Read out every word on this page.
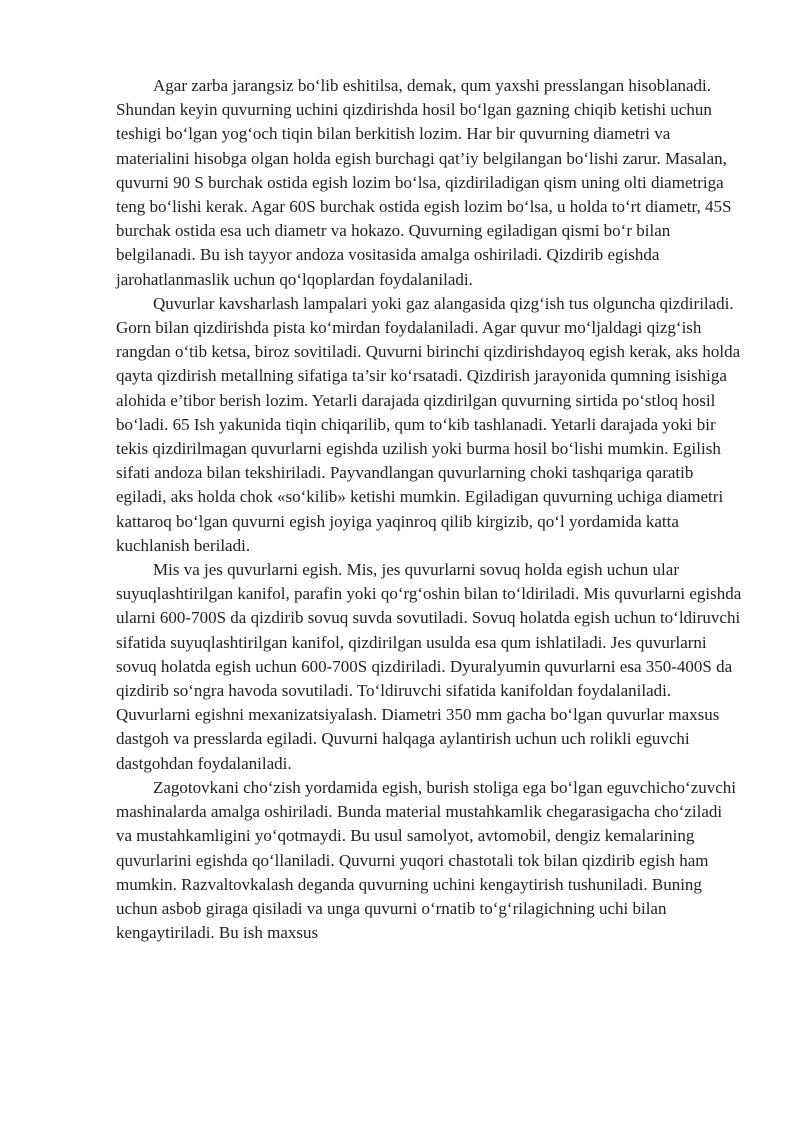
Agar zarba jarangsiz bo‘lib eshitilsa, demak, qum yaxshi presslangan hisoblanadi. Shundan keyin quvurning uchini qizdirishda hosil bo‘lgan gazning chiqib ketishi uchun teshigi bo‘lgan yog‘och tiqin bilan berkitish lozim. Har bir quvurning diametri va materialini hisobga olgan holda egish burchagi qat’iy belgilangan bo‘lishi zarur. Masalan, quvurni 90 S burchak ostida egish lozim bo‘lsa, qizdiriladigan qism uning olti diametriga teng bo‘lishi kerak. Agar 60S burchak ostida egish lozim bo‘lsa, u holda to‘rt diametr, 45S burchak ostida esa uch diametr va hokazo. Quvurning egiladigan qismi bo‘r bilan belgilanadi. Bu ish tayyor andoza vositasida amalga oshiriladi. Qizdirib egishda jarohatlanmaslik uchun qo‘lqoplardan foydalaniladi.

Quvurlar kavsharlash lampalari yoki gaz alangasida qizg‘ish tus olguncha qizdiriladi. Gorn bilan qizdirishda pista ko‘mirdan foydalaniladi. Agar quvur mo‘ljaldagi qizg‘ish rangdan o‘tib ketsa, biroz sovitiladi. Quvurni birinchi qizdirishdayoq egish kerak, aks holda qayta qizdirish metallning sifatiga ta’sir ko‘rsatadi. Qizdirish jarayonida qumning isishiga alohida e’tibor berish lozim. Yetarli darajada qizdirilgan quvurning sirtida po‘stloq hosil bo‘ladi. 65 Ish yakunida tiqin chiqarilib, qum to‘kib tashlanadi. Yetarli darajada yoki bir tekis qizdirilmagan quvurlarni egishda uzilish yoki burma hosil bo‘lishi mumkin. Egilish sifati andoza bilan tekshiriladi. Payvandlangan quvurlarning choki tashqariga qaratib egiladi, aks holda chok «so‘kilib» ketishi mumkin. Egiladigan quvurning uchiga diametri kattaroq bo‘lgan quvurni egish joyiga yaqinroq qilib kirgizib, qo‘l yordamida katta kuchlanish beriladi.

Mis va jes quvurlarni egish. Mis, jes quvurlarni sovuq holda egish uchun ular suyuqlashtirilgan kanifol, parafin yoki qo‘rg‘oshin bilan to‘ldiriladi. Mis quvurlarni egishda ularni 600-700S da qizdirib sovuq suvda sovutiladi. Sovuq holatda egish uchun to‘ldiruvchi sifatida suyuqlashtirilgan kanifol, qizdirilgan usulda esa qum ishlatiladi. Jes quvurlarni sovuq holatda egish uchun 600-700S qizdiriladi. Dyuralyumin quvurlarni esa 350-400S da qizdirib so‘ngra havoda sovutiladi. To‘ldiruvchi sifatida kanifoldan foydalaniladi. Quvurlarni egishni mexanizatsiyalash. Diametri 350 mm gacha bo‘lgan quvurlar maxsus dastgoh va presslarda egiladi. Quvurni halqaga aylantirish uchun uch rolikli eguvchi dastgohdan foydalaniladi.

Zagotovkani cho‘zish yordamida egish, burish stoliga ega bo‘lgan eguvchicho‘zuvchi mashinalarda amalga oshiriladi. Bunda material mustahkamlik chegarasigacha cho‘ziladi va mustahkamligini yo‘qotmaydi. Bu usul samolyot, avtomobil, dengiz kemalarining quvurlarini egishda qo‘llaniladi. Quvurni yuqori chastotali tok bilan qizdirib egish ham mumkin. Razvaltovkalash deganda quvurning uchini kengaytirish tushuniladi. Buning uchun asbob giraga qisiladi va unga quvurni o‘rnatib to‘g‘rilagichning uchi bilan kengaytiriladi. Bu ish maxsus
